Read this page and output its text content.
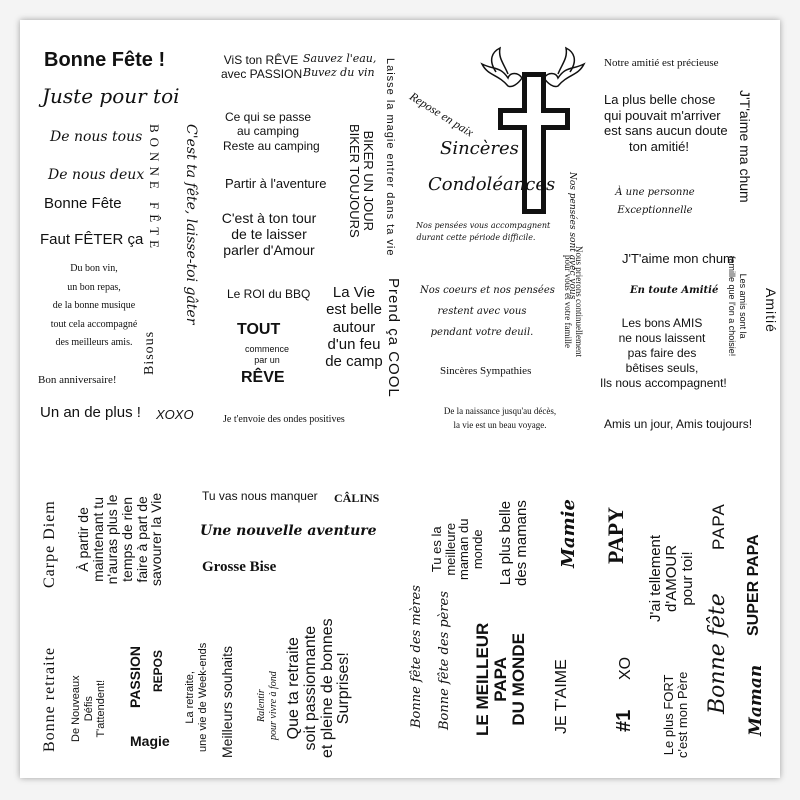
Bonne Fête !
Juste pour toi
De nous tous
De nous deux
Bonne Fête
Faut FÊTER ça
Du bon vin,
un bon repas,
de la bonne musique
tout cela accompagné
des meilleurs amis.
Bon anniversaire!
Un an de plus ! XOXO
BONNE FÊTE
Bisous
C'est ta fête, laisse-toi gâter
ViS ton RÊVE
avec PASSION
Sauvez l'eau,
Buvez du vin
Ce qui se passe
au camping
Reste au camping
Partir à l'aventure
C'est à ton tour
de te laisser
parler d'Amour
Le ROI du BBQ
TOUT
commence
par un
RÊVE
La Vie
est belle
autour
d'un feu
de camp
Je t'envoie des ondes positives
Laisse la magie entrer dans ta vie
BIKER UN JOUR
BIKER TOUJOURS
Prend ça COOL
Repose en paix
Sincères
Condoléances
Nos pensées vous accompagnent
durant cette période difficile.
Nos coeurs et nos pensées
restent avec vous
pendant votre deuil.
Sincères Sympathies
De la naissance jusqu'au décès,
la vie est un beau voyage.
Nos pensées sont avec vous
Nous prierons continuellement
pour vous et votre famille
Notre amitié est précieuse
La plus belle chose
qui pouvait m'arriver
est sans aucun doute
ton amitié!
À une personne
Exceptionnelle
J'T'aime mon chum
En toute Amitié
Les bons AMIS
ne nous laissent
pas faire des
bêtises seuls,
Ils nous accompagnent!
Amis un jour, Amis toujours!
J'T'aime ma chum
Les amis sont la
famille que l'on a choisie!
Amitié
Carpe Diem À partir de
maintenant tu
n'auras plus le
temps de rien
faire à part de
savourer la Vie
Bonne retraite De Nouveaux
Défis
T'attendent!
PASSION REPOS
Magie
La retraite,
une vie de Week-ends Meilleurs souhaits Ralentir
pour vivre à fond
Que ta retraite
soit passionnante
et pleine de bonnes
Surprises!
Tu vas nous manquer CÂLINS
Une nouvelle aventure
Grosse Bise
Bonne fête des mères Bonne fête des pères
Tu es la
meilleure
maman du
monde
LE MEILLEUR
PAPA
DU MONDE
La plus belle
des mamans
JE T'AIME
Mamie PAPY
XO
#1
J'ai tellement
d'AMOUR
pour toi!
Le plus FORT
c'est mon Père
PAPA
Bonne fête
SUPER PAPA
Maman
